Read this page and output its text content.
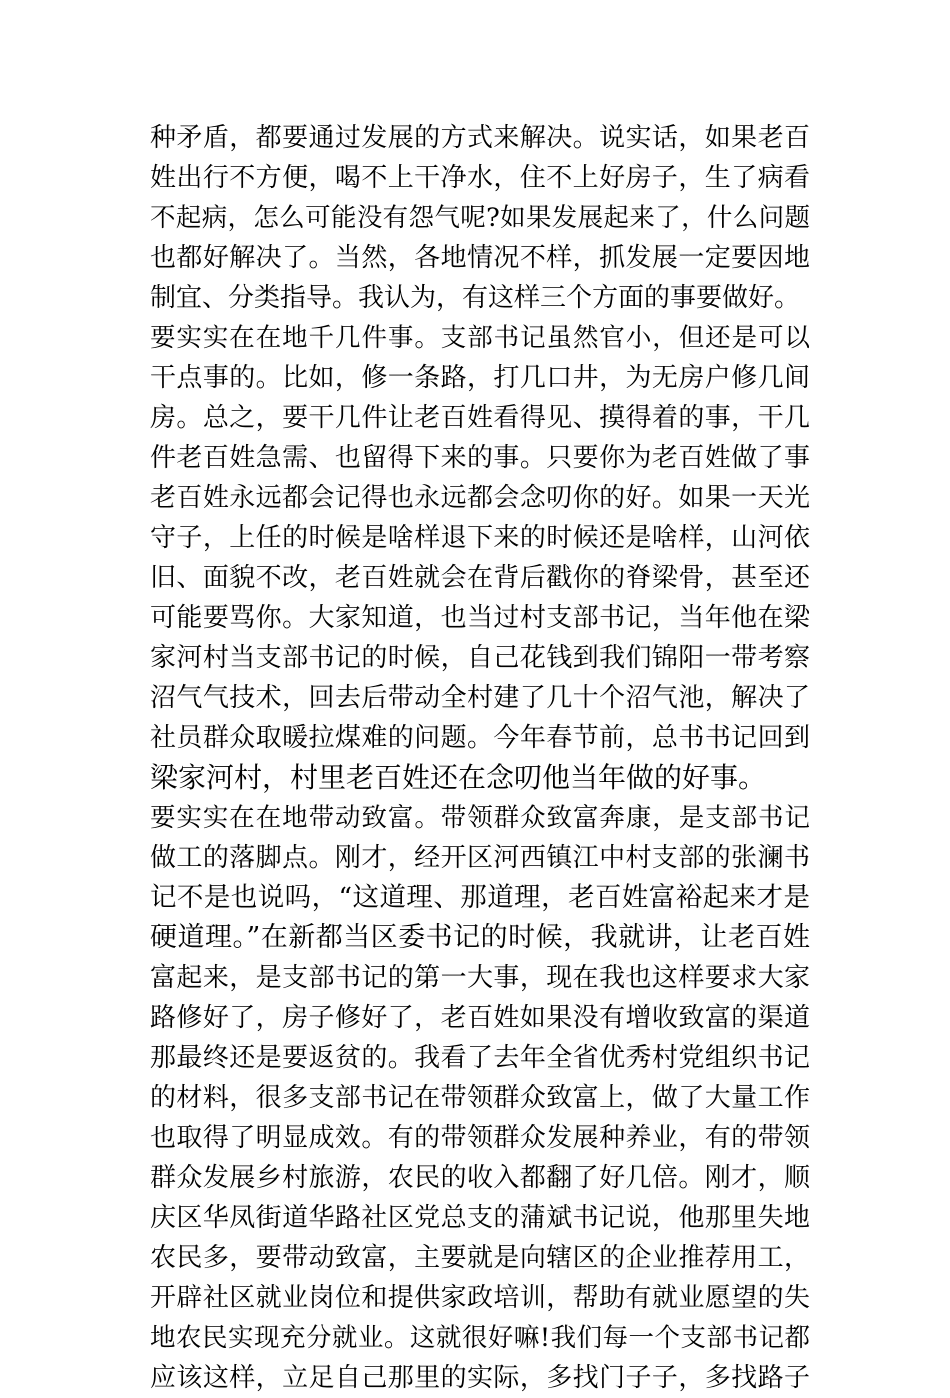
种矛盾，都要通过发展的方式来解决。说实话，如果老百
姓出行不方便，喝不上干净水，住不上好房子，生了病看
不起病，怎么可能没有怨气呢?如果发展起来了，什么问题
也都好解决了。当然，各地情况不样，抓发展一定要因地
制宜、分类指导。我认为，有这样三个方面的事要做好。
要实实在在地千几件事。支部书记虽然官小，但还是可以
干点事的。比如，修一条路，打几口井，为无房户修几间
房。总之，要干几件让老百姓看得见、摸得着的事，干几
件老百姓急需、也留得下来的事。只要你为老百姓做了事
老百姓永远都会记得也永远都会念叨你的好。如果一天光
守子，上任的时候是啥样退下来的时候还是啥样，山河依
旧、面貌不改，老百姓就会在背后戳你的脊梁骨，甚至还
可能要骂你。大家知道，也当过村支部书记，当年他在梁
家河村当支部书记的时候，自己花钱到我们锦阳一带考察
沼气气技术，回去后带动全村建了几十个沼气池，解决了
社员群众取暖拉煤难的问题。今年春节前，总书书记回到
梁家河村，村里老百姓还在念叨他当年做的好事。
要实实在在地带动致富。带领群众致富奔康，是支部书记
做工的落脚点。刚才，经开区河西镇江中村支部的张澜书
记不是也说吗，“这道理、那道理，老百姓富裕起来才是
硬道理。”在新都当区委书记的时候，我就讲，让老百姓
富起来，是支部书记的第一大事，现在我也这样要求大家
路修好了，房子修好了，老百姓如果没有增收致富的渠道
那最终还是要返贫的。我看了去年全省优秀村党组织书记
的材料，很多支部书记在带领群众致富上，做了大量工作
也取得了明显成效。有的带领群众发展种养业，有的带领
群众发展乡村旅游，农民的收入都翻了好几倍。刚才，顺
庆区华凤街道华路社区党总支的蒲斌书记说，他那里失地
农民多，要带动致富，主要就是向辖区的企业推荐用工，
开辟社区就业岗位和提供家政培训，帮助有就业愿望的失
地农民实现充分就业。这就很好嘛!我们每一个支部书记都
应该这样，立足自己那里的实际，多找门子子，多找路子
